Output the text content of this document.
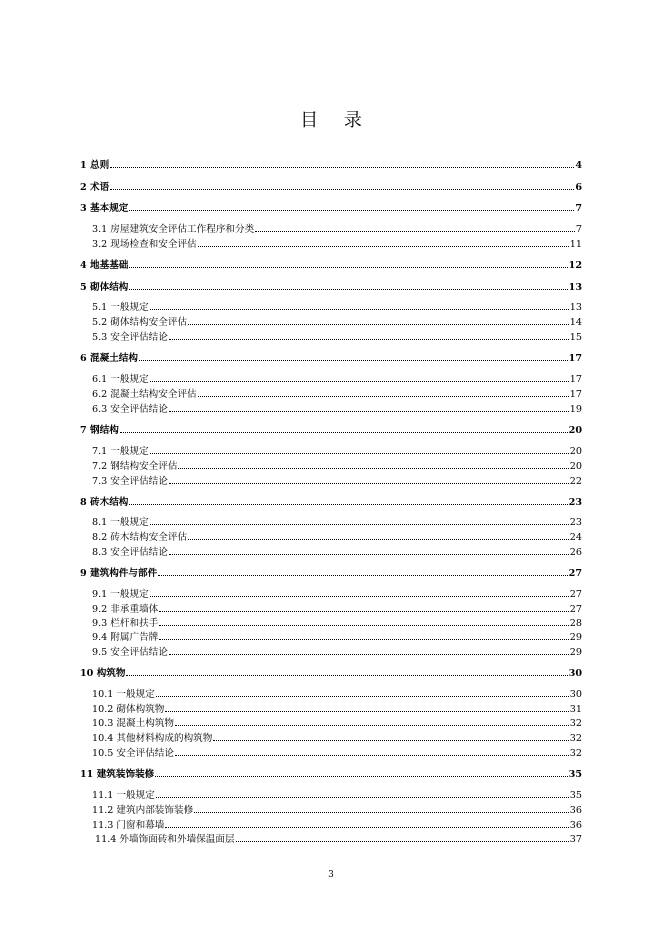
目 录
1 总则	4
2 术语	6
3 基本规定	7
3.1 房屋建筑安全评估工作程序和分类	7
3.2 现场检查和安全评估	11
4 地基基础	12
5 砌体结构	13
5.1 一般规定	13
5.2 砌体结构安全评估	14
5.3 安全评估结论	15
6 混凝土结构	17
6.1 一般规定	17
6.2 混凝土结构安全评估	17
6.3 安全评估结论	19
7 钢结构	20
7.1 一般规定	20
7.2 钢结构安全评估	20
7.3 安全评估结论	22
8 砖木结构	23
8.1 一般规定	23
8.2 砖木结构安全评估	24
8.3 安全评估结论	26
9 建筑构件与部件	27
9.1 一般规定	27
9.2 非承重墙体	27
9.3 栏杆和扶手	28
9.4 附属广告牌	29
9.5 安全评估结论	29
10 构筑物	30
10.1 一般规定	30
10.2 砌体构筑物	31
10.3 混凝土构筑物	32
10.4 其他材料构成的构筑物	32
10.5 安全评估结论	32
11 建筑装饰装修	35
11.1 一般规定	35
11.2 建筑内部装饰装修	36
11.3 门窗和幕墙	36
11.4 外墙饰面砖和外墙保温面层	37
3
